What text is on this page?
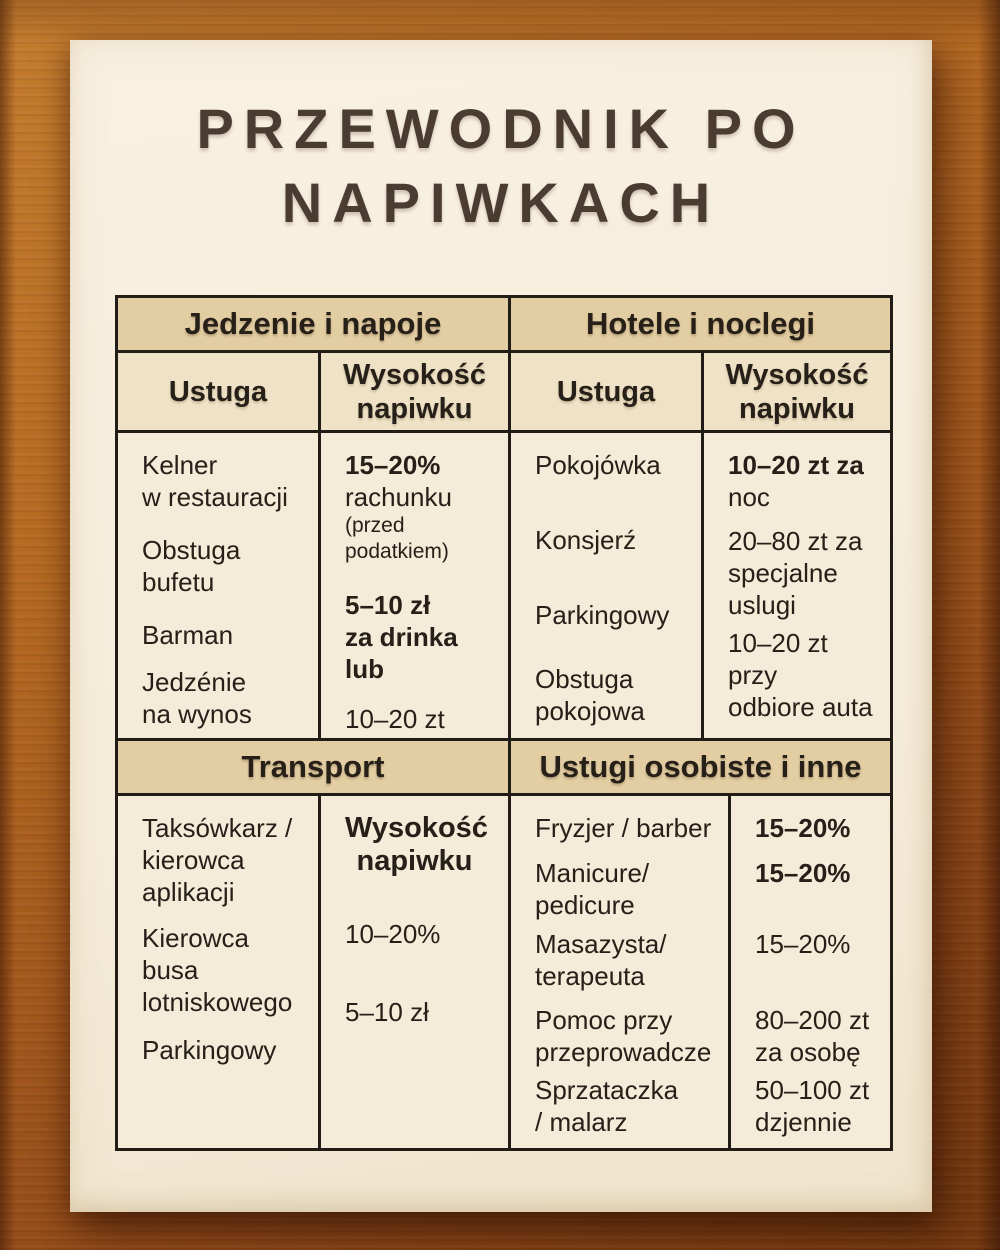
PRZEWODNIK PO
NAPIWKACH
Jedzenie i napoje	Hotele i noclegi
Ustuga
Wysokość napiwku
Ustuga
Wysokość napiwku
Kelner
w restauracji
Obstuga
bufetu
Barman
Jedzénie
na wynos
15–20%
rachunku
(przed podatkiem)
5–10 zł
za drinka lub
10–20 zt
Pokojówka
Konsjerź
Parkingowy
Obstuga
pokojowa
10–20 zt za
noc
20–80 zt za
specjalne
uslugi
10–20 zt przy
odbiore auta
Transport	Ustugi osobiste i inne
Taksówkarz /
kierowca
aplikacji
Kierowca busa
lotniskowego
Parkingowy
Wysokość napiwku
10–20%
5–10 zł
Fryzjer / barber
Manicure/
pedicure
Masazysta/
terapeuta
Pomoc przy
przeprowadcze
Sprzataczka
/ malarz
15–20%
15–20%
15–20%
80–200 zt
za osobę
50–100 zt
dzjennie
